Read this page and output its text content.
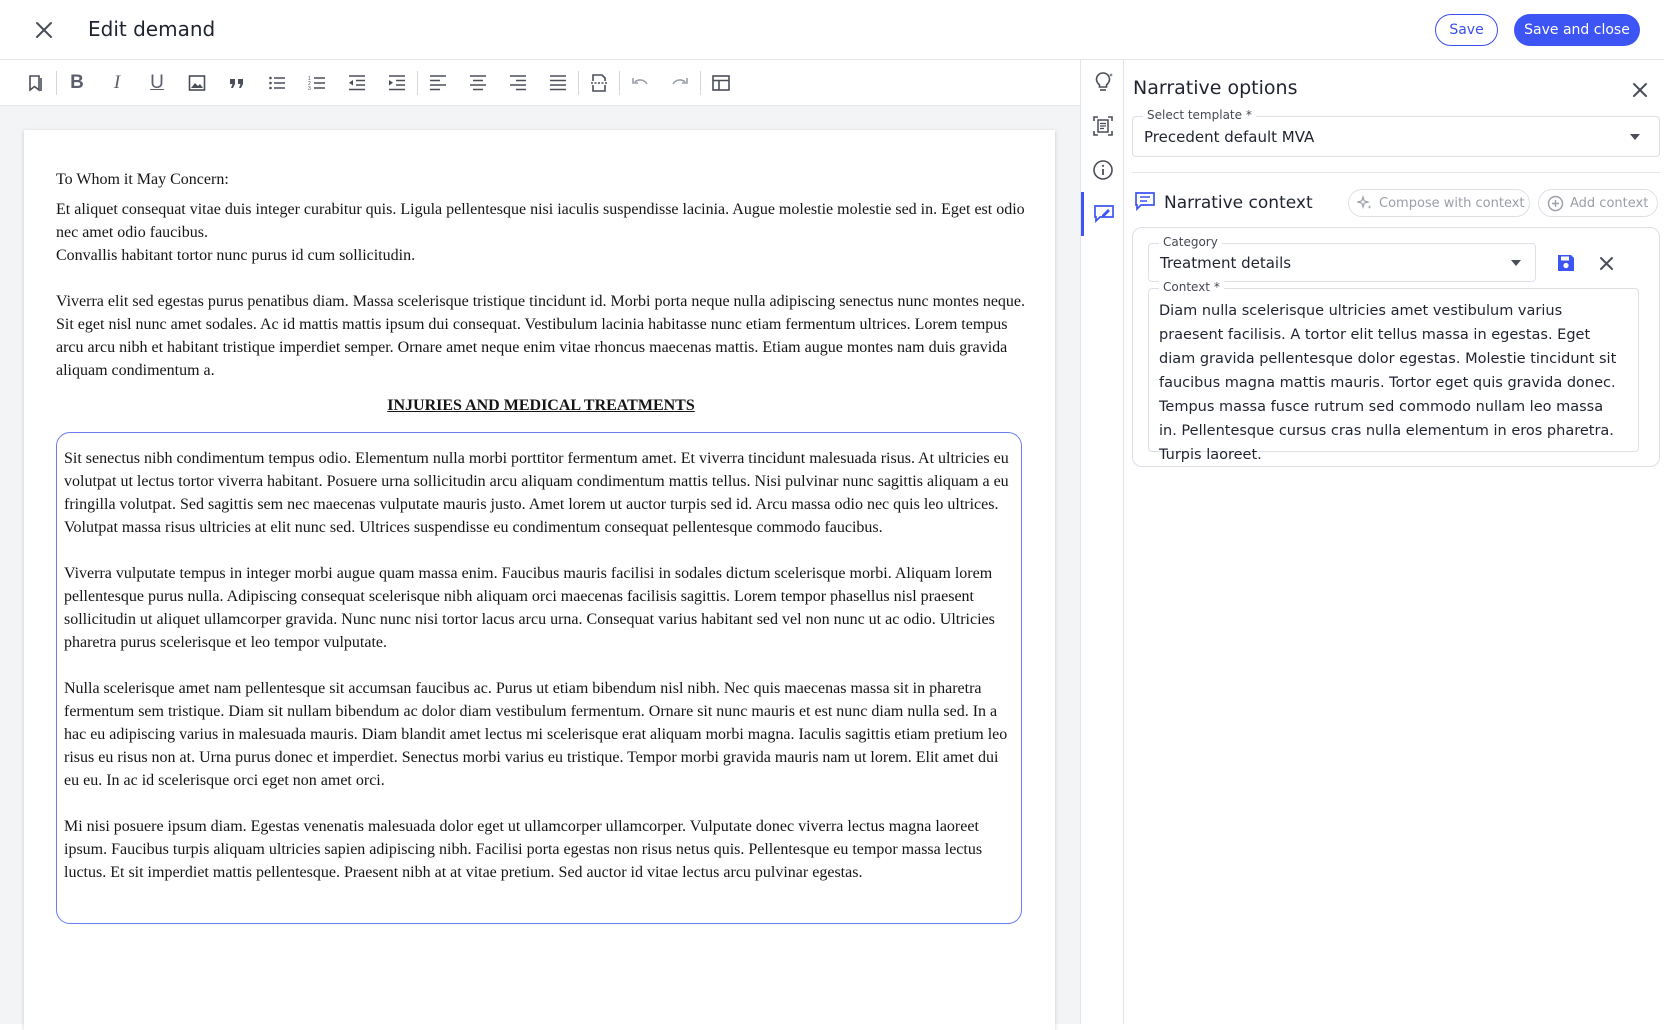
Edit demand	Save	Save and close
B I U	1
2
3

To Whom it May Concern:

Et aliquet consequat vitae duis integer curabitur quis. Ligula pellentesque nisi iaculis suspendisse lacinia. Augue molestie molestie sed in. Eget est odio nec amet odio faucibus.

Convallis habitant tortor nunc purus id cum sollicitudin.

Viverra elit sed egestas purus penatibus diam. Massa scelerisque tristique tincidunt id. Morbi porta neque nulla adipiscing senectus nunc montes neque. Sit eget nisl nunc amet sodales. Ac id mattis mattis ipsum dui consequat. Vestibulum lacinia habitasse nunc etiam fermentum ultrices. Lorem tempus arcu arcu nibh et habitant tristique imperdiet semper. Ornare amet neque enim vitae rhoncus maecenas mattis. Etiam augue montes nam duis gravida aliquam condimentum a.

INJURIES AND MEDICAL TREATMENTS

Sit senectus nibh condimentum tempus odio. Elementum nulla morbi porttitor fermentum amet. Et viverra tincidunt malesuada risus. At ultricies eu volutpat ut lectus tortor viverra habitant. Posuere urna sollicitudin arcu aliquam condimentum mattis tellus. Nisi pulvinar nunc sagittis aliquam a eu fringilla volutpat. Sed sagittis sem nec maecenas vulputate mauris justo. Amet lorem ut auctor turpis sed id. Arcu massa odio nec quis leo ultrices. Volutpat massa risus ultricies at elit nunc sed. Ultrices suspendisse eu condimentum consequat pellentesque commodo faucibus.

Viverra vulputate tempus in integer morbi augue quam massa enim. Faucibus mauris facilisi in sodales dictum scelerisque morbi. Aliquam lorem pellentesque purus nulla. Adipiscing consequat scelerisque nibh aliquam orci maecenas facilisis sagittis. Lorem tempor phasellus nisl praesent sollicitudin ut aliquet ullamcorper gravida. Nunc nunc nisi tortor lacus arcu urna. Consequat varius habitant sed vel non nunc ut ac odio. Ultricies pharetra purus scelerisque et leo tempor vulputate.

Nulla scelerisque amet nam pellentesque sit accumsan faucibus ac. Purus ut etiam bibendum nisl nibh. Nec quis maecenas massa sit in pharetra fermentum sem tristique. Diam sit nullam bibendum ac dolor diam vestibulum fermentum. Ornare sit nunc mauris et est nunc diam nulla sed. In a hac eu adipiscing varius in malesuada mauris. Diam blandit amet lectus mi scelerisque erat aliquam morbi magna. Iaculis sagittis etiam pretium leo risus eu risus non at. Urna purus donec et imperdiet. Senectus morbi varius eu tristique. Tempor morbi gravida mauris nam ut lorem. Elit amet dui eu eu. In ac id scelerisque orci eget non amet orci.

Mi nisi posuere ipsum diam. Egestas venenatis malesuada dolor eget ut ullamcorper ullamcorper. Vulputate donec viverra lectus magna laoreet ipsum. Faucibus turpis aliquam ultricies sapien adipiscing nibh. Facilisi porta egestas non risus netus quis. Pellentesque eu tempor massa lectus luctus. Et sit imperdiet mattis pellentesque. Praesent nibh at at vitae pretium. Sed auctor id vitae lectus arcu pulvinar egestas.

Narrative options
Select template *
Precedent default MVA
Narrative context	Compose with context	Add context
Category
Treatment details
Context *
Diam nulla scelerisque ultricies amet vestibulum varius praesent facilisis. A tortor elit tellus massa in egestas. Eget diam gravida pellentesque dolor egestas. Molestie tincidunt sit faucibus magna mattis mauris. Tortor eget quis gravida donec. Tempus massa fusce rutrum sed commodo nullam leo massa in. Pellentesque cursus cras nulla elementum in eros pharetra. Turpis laoreet.
